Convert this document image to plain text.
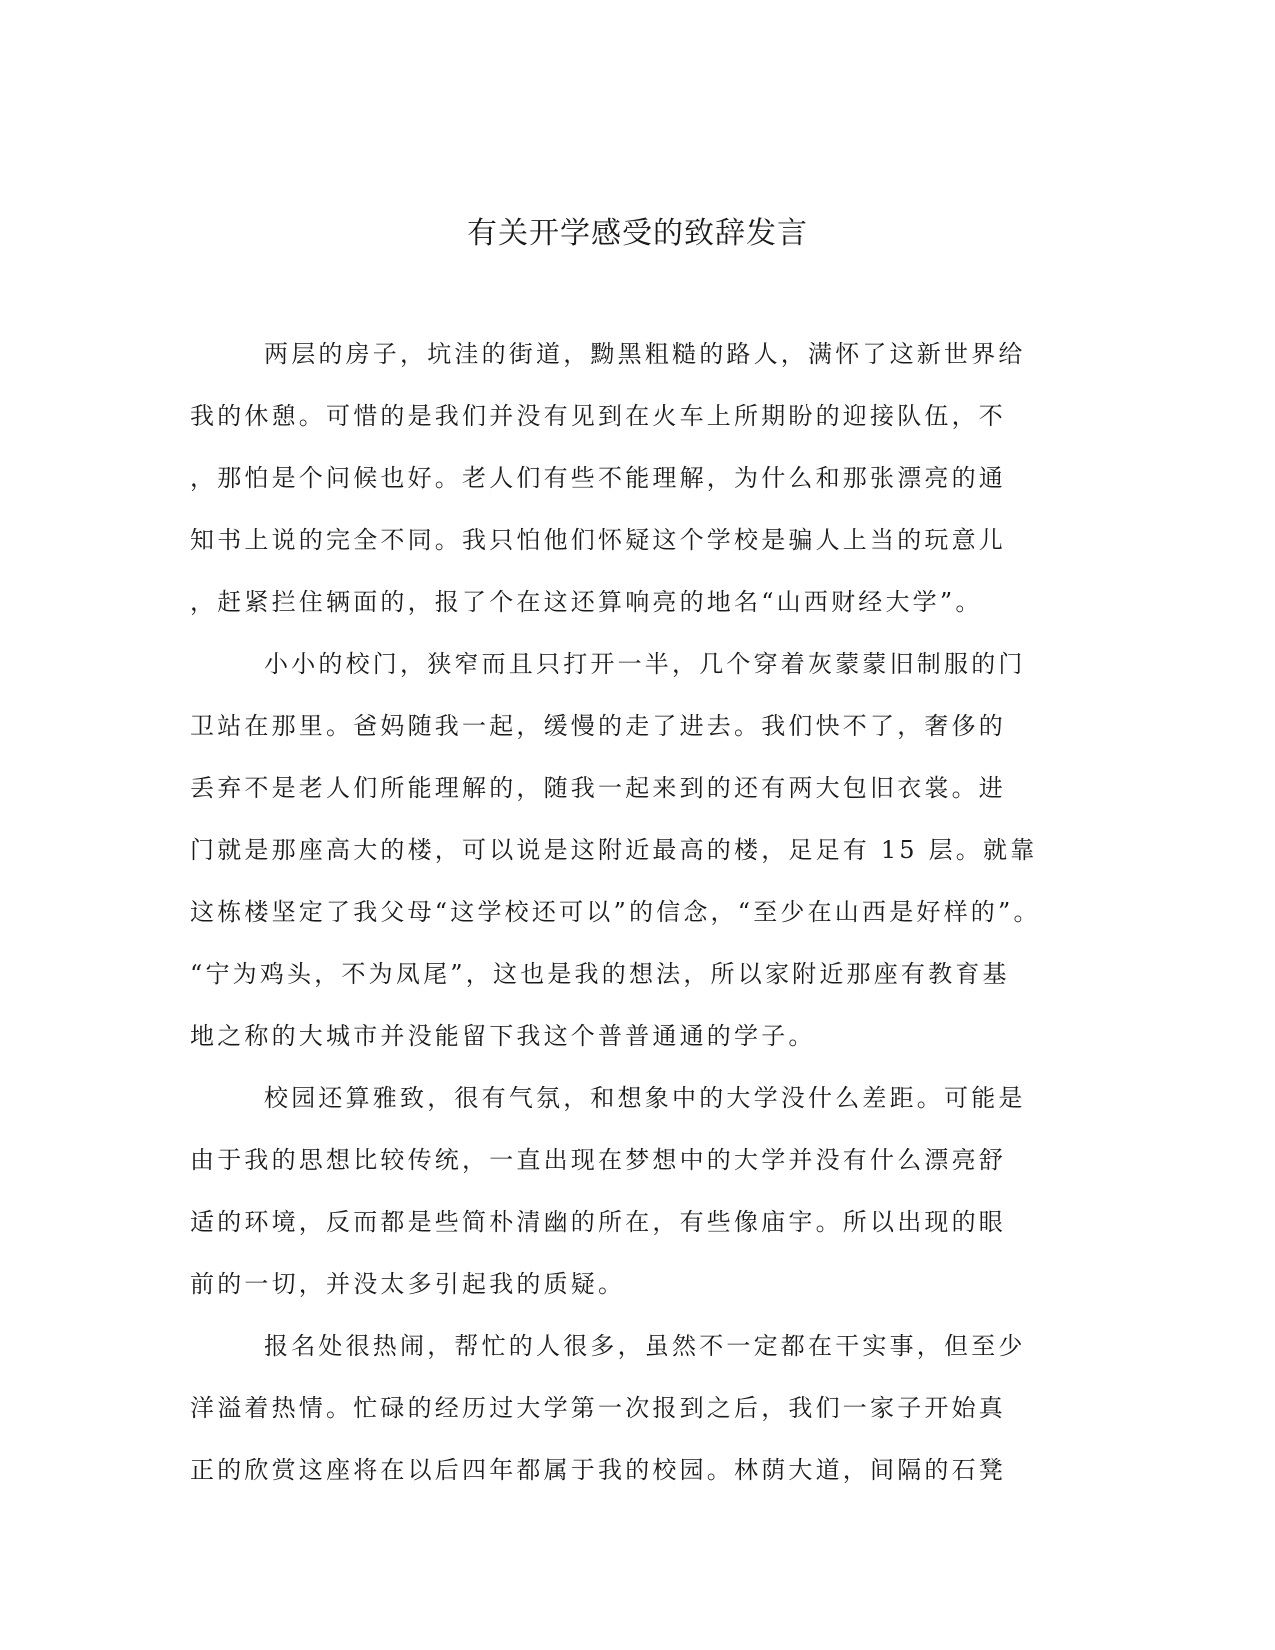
有关开学感受的致辞发言

两层的房子，坑洼的街道，黝黑粗糙的路人，满怀了这新世界给
我的休憩。可惜的是我们并没有见到在火车上所期盼的迎接队伍，不
，那怕是个问候也好。老人们有些不能理解，为什么和那张漂亮的通
知书上说的完全不同。我只怕他们怀疑这个学校是骗人上当的玩意儿
，赶紧拦住辆面的，报了个在这还算响亮的地名“山西财经大学”。

小小的校门，狭窄而且只打开一半，几个穿着灰蒙蒙旧制服的门
卫站在那里。爸妈随我一起，缓慢的走了进去。我们快不了，奢侈的
丢弃不是老人们所能理解的，随我一起来到的还有两大包旧衣裳。进
门就是那座高大的楼，可以说是这附近最高的楼，足足有 15 层。就靠
这栋楼坚定了我父母“这学校还可以”的信念，“至少在山西是好样的”。
“宁为鸡头，不为凤尾”，这也是我的想法，所以家附近那座有教育基
地之称的大城市并没能留下我这个普普通通的学子。

校园还算雅致，很有气氛，和想象中的大学没什么差距。可能是
由于我的思想比较传统，一直出现在梦想中的大学并没有什么漂亮舒
适的环境，反而都是些简朴清幽的所在，有些像庙宇。所以出现的眼
前的一切，并没太多引起我的质疑。

报名处很热闹，帮忙的人很多，虽然不一定都在干实事，但至少
洋溢着热情。忙碌的经历过大学第一次报到之后，我们一家子开始真
正的欣赏这座将在以后四年都属于我的校园。林荫大道，间隔的石凳
